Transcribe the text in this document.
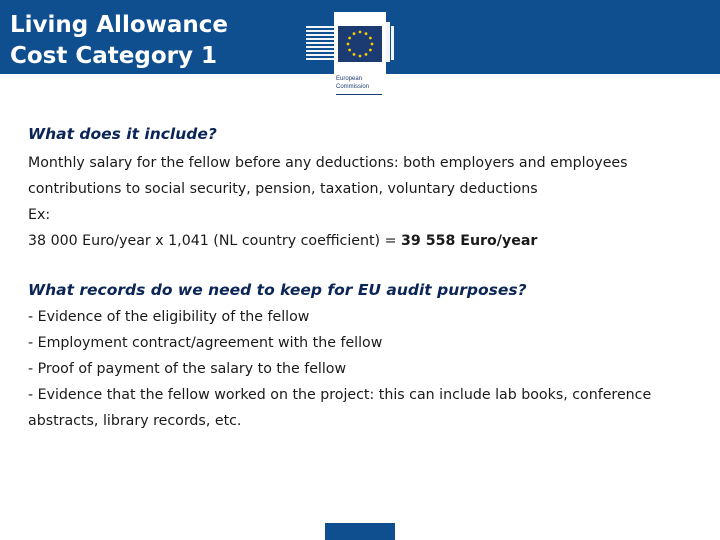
Living Allowance
Cost Category 1
European
Commission
What does it include?

Monthly salary for the fellow before any deductions: both employers and employees contributions to social security, pension, taxation, voluntary deductions

Ex:

38 000 Euro/year x 1,041 (NL country coefficient) = 39 558 Euro/year

What records do we need to keep for EU audit purposes?

- Evidence of the eligibility of the fellow

- Employment contract/agreement with the fellow

- Proof of payment of the salary to the fellow

- Evidence that the fellow worked on the project: this can include lab books, conference abstracts, library records, etc.
